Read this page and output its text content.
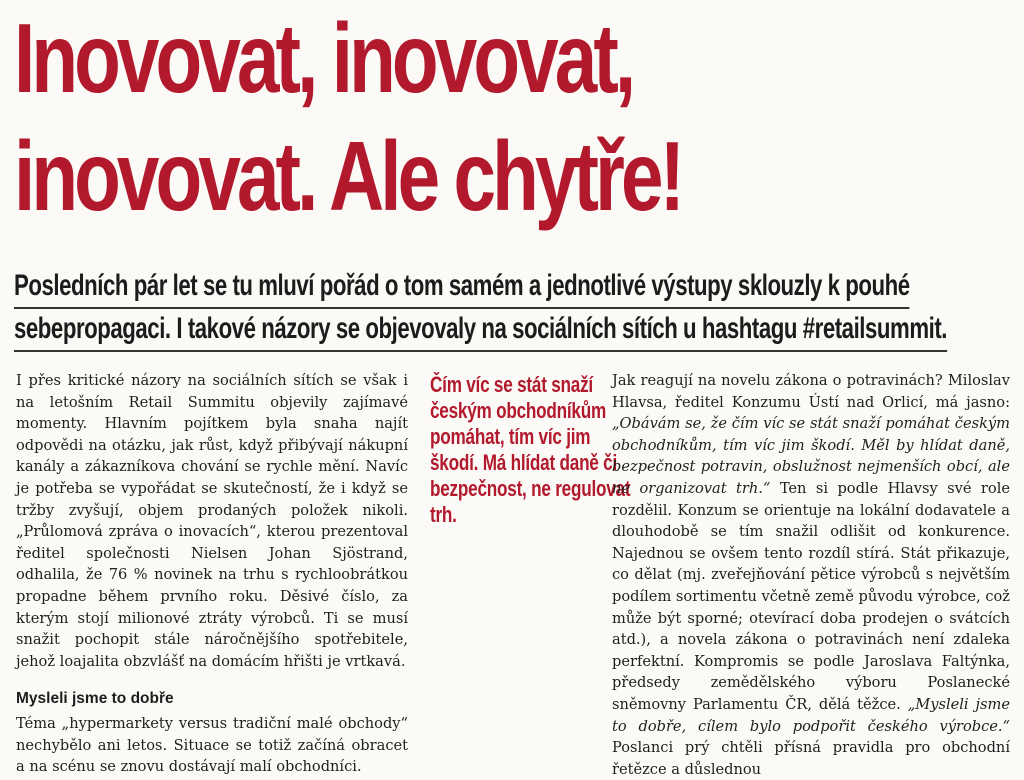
Inovovat, inovovat,
inovovat. Ale chytře!
Posledních pár let se tu mluví pořád o tom samém a jednotlivé výstupy sklouzly k pouhé
sebepropagaci. I takové názory se objevovaly na sociálních sítích u hashtagu #retailsummit.

I přes kritické názory na sociálních sítích se však i na letošním Retail Summitu objevily zajímavé momenty. Hlavním pojítkem byla snaha najít odpovědi na otázku, jak růst, když přibývají nákupní kanály a zákazníkova chování se rychle mění. Navíc je potřeba se vypořádat se skutečností, že i když se tržby zvyšují, objem prodaných položek nikoli. „Průlomová zpráva o inovacích“, kterou prezentoval ředitel společnosti Nielsen Johan Sjöstrand, odhalila, že 76 % novinek na trhu s rychloobrátkou propadne během prvního roku. Děsivé číslo, za kterým stojí milionové ztráty výrobců. Ti se musí snažit pochopit stále náročnějšího spotřebitele, jehož loajalita obzvlášť na domácím hřišti je vrtkavá.

Mysleli jsme to dobře

Téma „hypermarkety versus tradiční malé obchody“ nechybělo ani letos. Situace se totiž začíná obracet a na scénu se znovu dostávají malí obchodníci.

Čím víc se stát snaží českým obchodníkům pomáhat, tím víc jim škodí. Má hlídat daně či bezpečnost, ne regulovat trh.

Jak reagují na novelu zákona o potravinách? Miloslav Hlavsa, ředitel Konzumu Ústí nad Orlicí, má jasno: „Obávám se, že čím víc se stát snaží pomáhat českým obchodníkům, tím víc jim škodí. Měl by hlídat daně, bezpečnost potravin, obslužnost nejmenších obcí, ale ne organizovat trh.“ Ten si podle Hlavsy své role rozdělil. Konzum se orientuje na lokální dodavatele a dlouhodobě se tím snažil odlišit od konkurence. Najednou se ovšem tento rozdíl stírá. Stát přikazuje, co dělat (mj. zveřejňování pětice výrobců s největším podílem sortimentu včetně země původu výrobce, což může být sporné; otevírací doba prodejen o svátcích atd.), a novela zákona o potravinách není zdaleka perfektní. Kompromis se podle Jaroslava Faltýnka, předsedy zemědělského výboru Poslanecké sněmovny Parlamentu ČR, dělá těžce. „Mysleli jsme to dobře, cílem bylo podpořit českého výrobce.“ Poslanci prý chtěli přísná pravidla pro obchodní řetězce a důslednou
